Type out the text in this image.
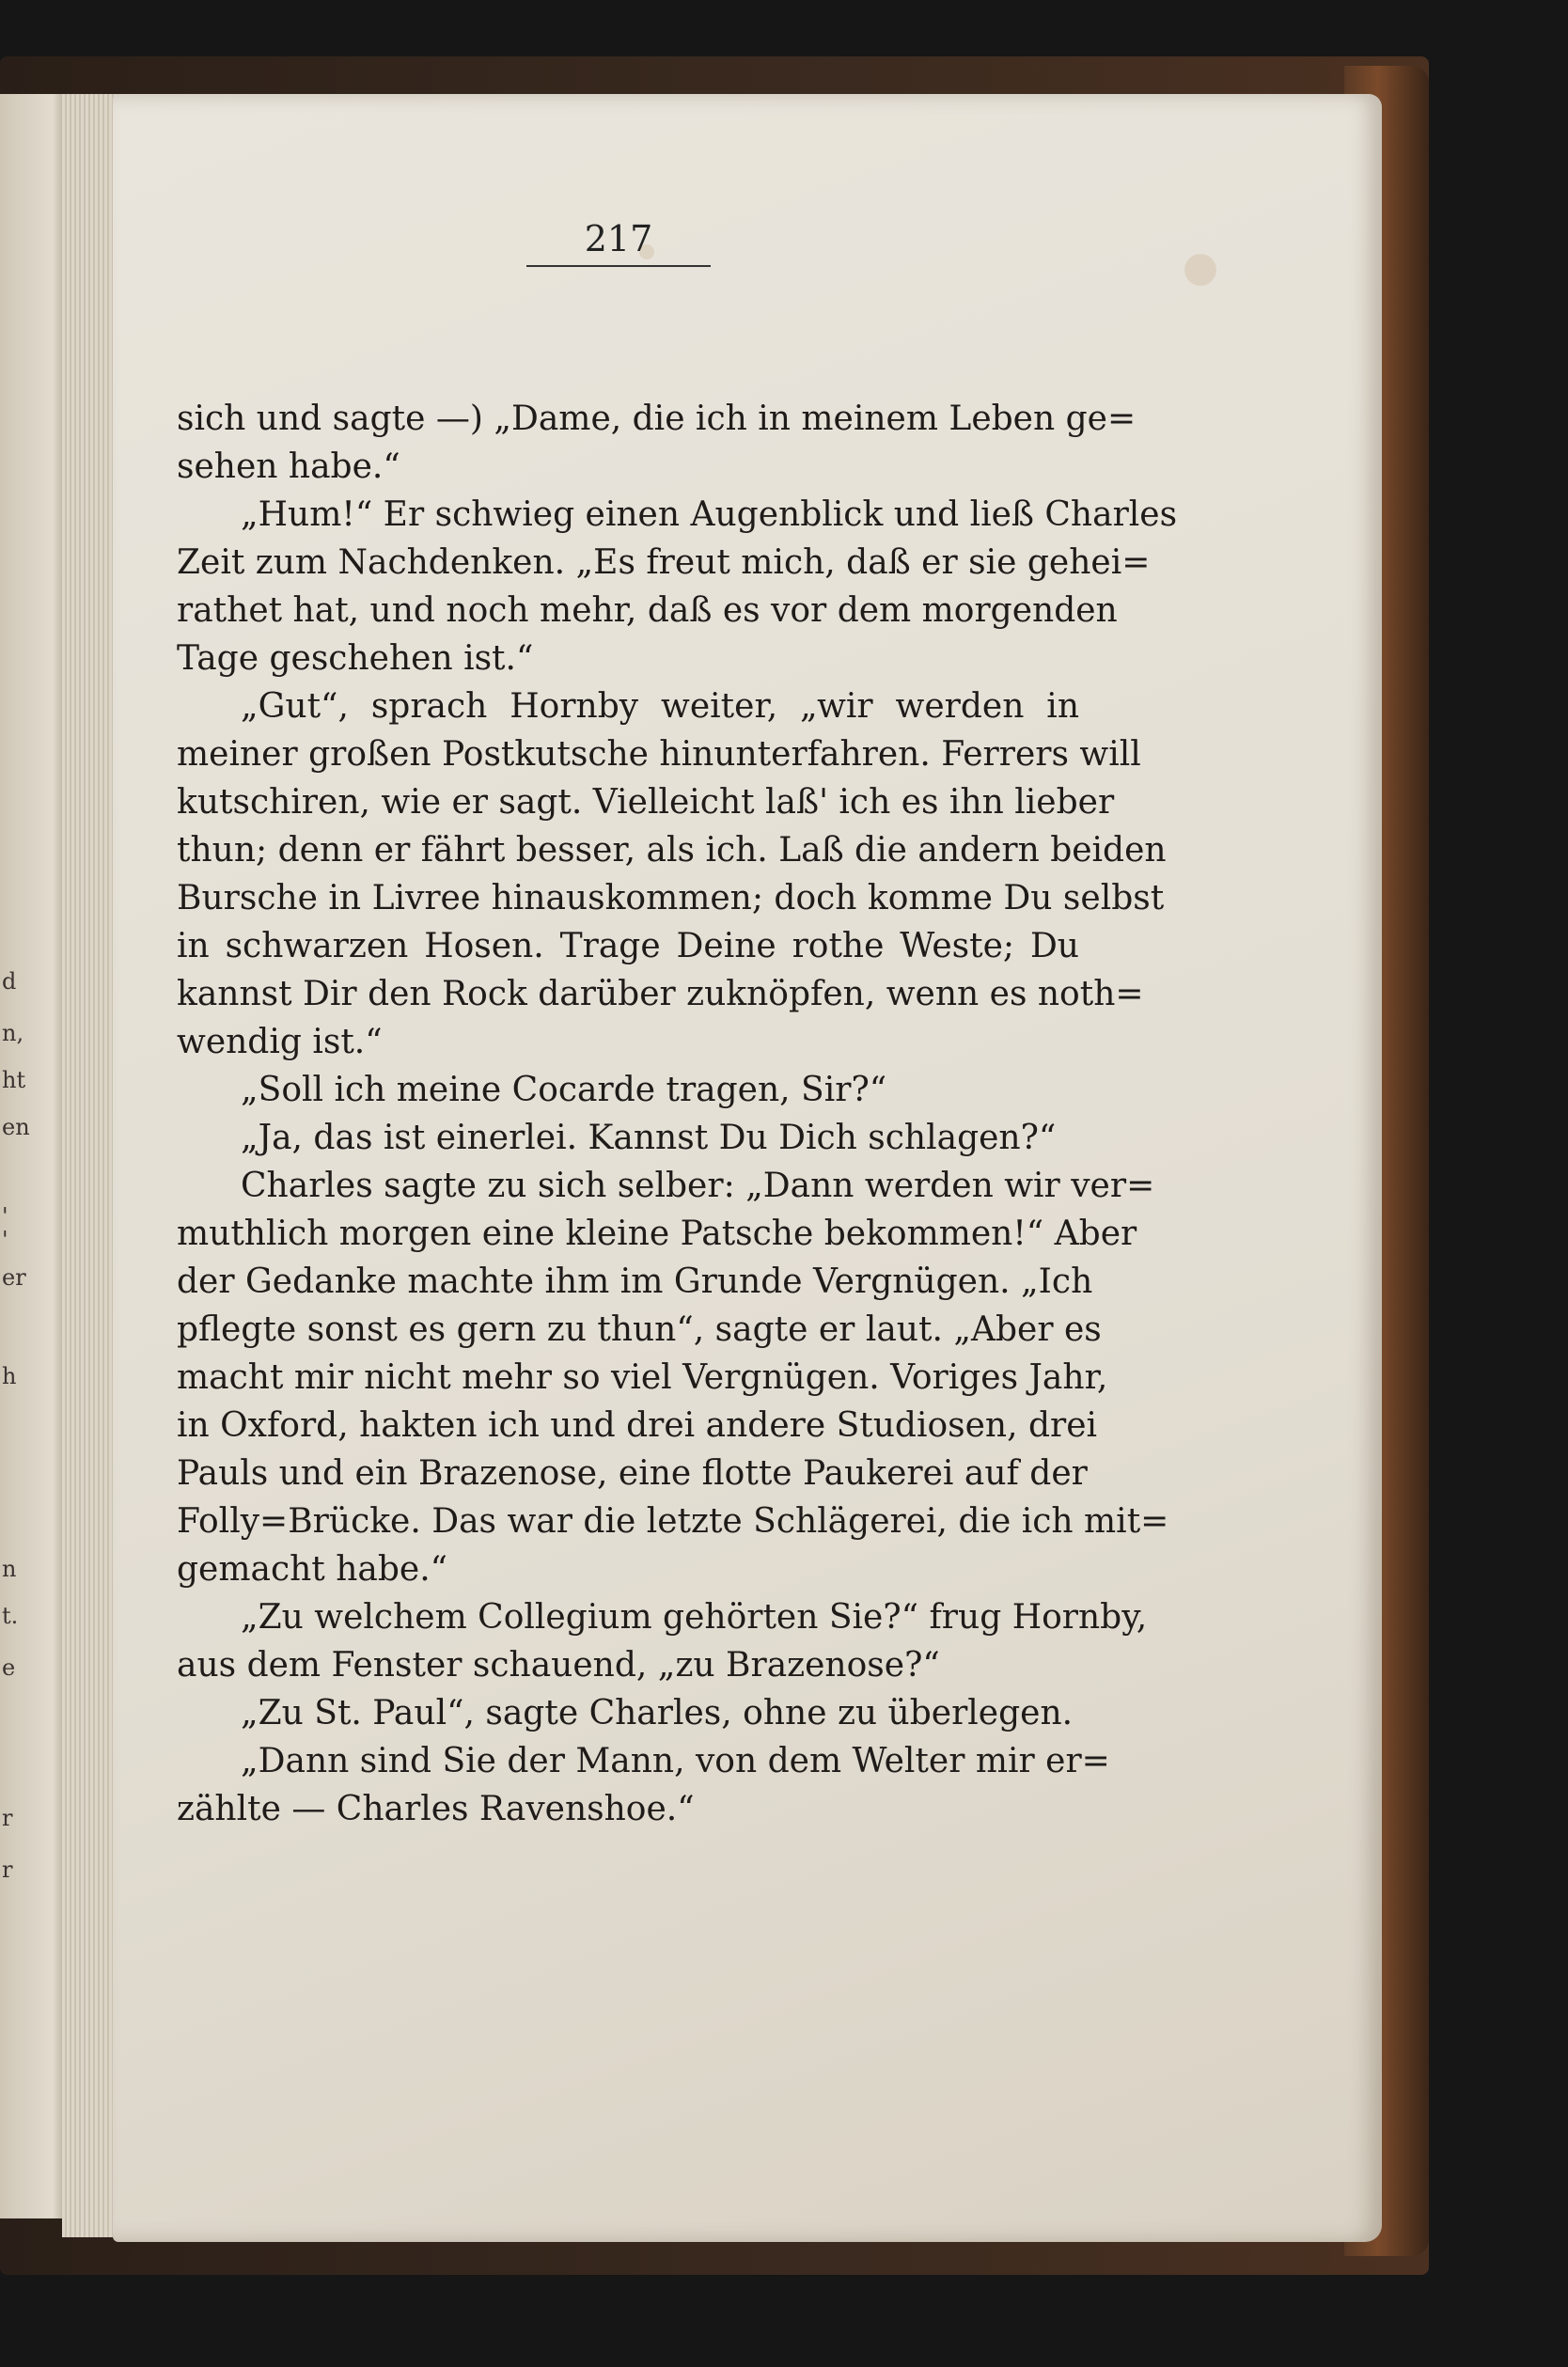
d
n,
ht
en
'
'
er
h
n
t.
e
r
r
217
sich und sagte —) „Dame, die ich in meinem Leben ge=
sehen habe.“
„Hum!“ Er schwieg einen Augenblick und ließ Charles
Zeit zum Nachdenken. „Es freut mich, daß er sie gehei=
rathet hat, und noch mehr, daß es vor dem morgenden
Tage geschehen ist.“
„Gut“, sprach Hornby weiter, „wir werden in
meiner großen Postkutsche hinunterfahren. Ferrers will
kutschiren, wie er sagt. Vielleicht laß' ich es ihn lieber
thun; denn er fährt besser, als ich. Laß die andern beiden
Bursche in Livree hinauskommen; doch komme Du selbst
in schwarzen Hosen. Trage Deine rothe Weste; Du
kannst Dir den Rock darüber zuknöpfen, wenn es noth=
wendig ist.“
„Soll ich meine Cocarde tragen, Sir?“
„Ja, das ist einerlei. Kannst Du Dich schlagen?“
Charles sagte zu sich selber: „Dann werden wir ver=
muthlich morgen eine kleine Patsche bekommen!“ Aber
der Gedanke machte ihm im Grunde Vergnügen. „Ich
pflegte sonst es gern zu thun“, sagte er laut. „Aber es
macht mir nicht mehr so viel Vergnügen. Voriges Jahr,
in Oxford, hakten ich und drei andere Studiosen, drei
Pauls und ein Brazenose, eine flotte Paukerei auf der
Folly=Brücke. Das war die letzte Schlägerei, die ich mit=
gemacht habe.“
„Zu welchem Collegium gehörten Sie?“ frug Hornby,
aus dem Fenster schauend, „zu Brazenose?“
„Zu St. Paul“, sagte Charles, ohne zu überlegen.
„Dann sind Sie der Mann, von dem Welter mir er=
zählte — Charles Ravenshoe.“
